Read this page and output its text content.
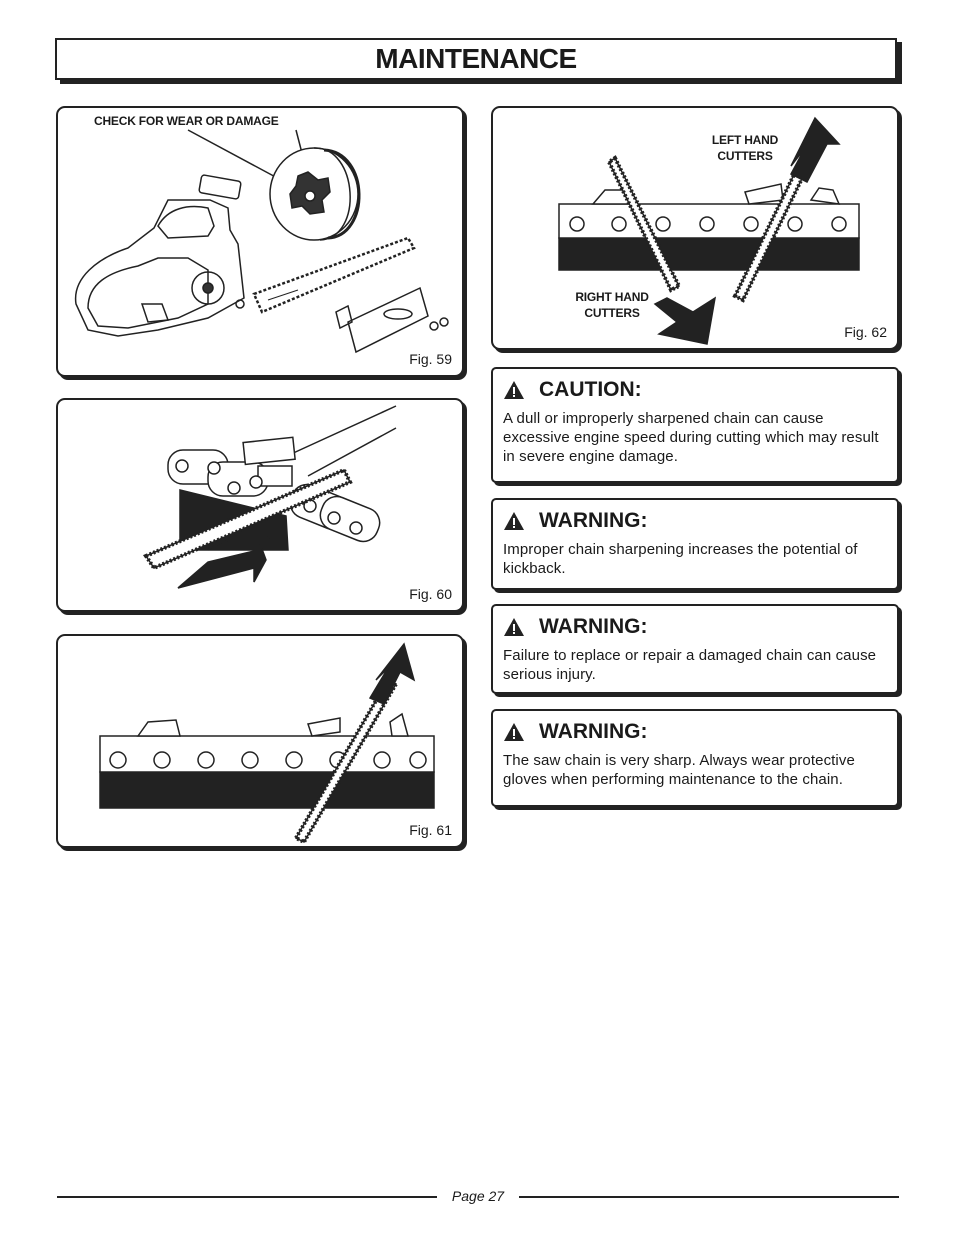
MAINTENANCE
CHECK FOR WEAR OR DAMAGE
Fig. 59
Fig. 60
Fig. 61
LEFT HAND
CUTTERS
RIGHT HAND
CUTTERS
Fig. 62
CAUTION:

A dull or improperly sharpened chain can cause excessive engine speed during cutting which may result in severe engine damage.

WARNING:

Improper chain sharpening increases the potential of kickback.

WARNING:

Failure to replace or repair a damaged chain can cause serious injury.

WARNING:

The saw chain is very sharp. Always wear protective gloves when performing maintenance to the chain.

Page 27
